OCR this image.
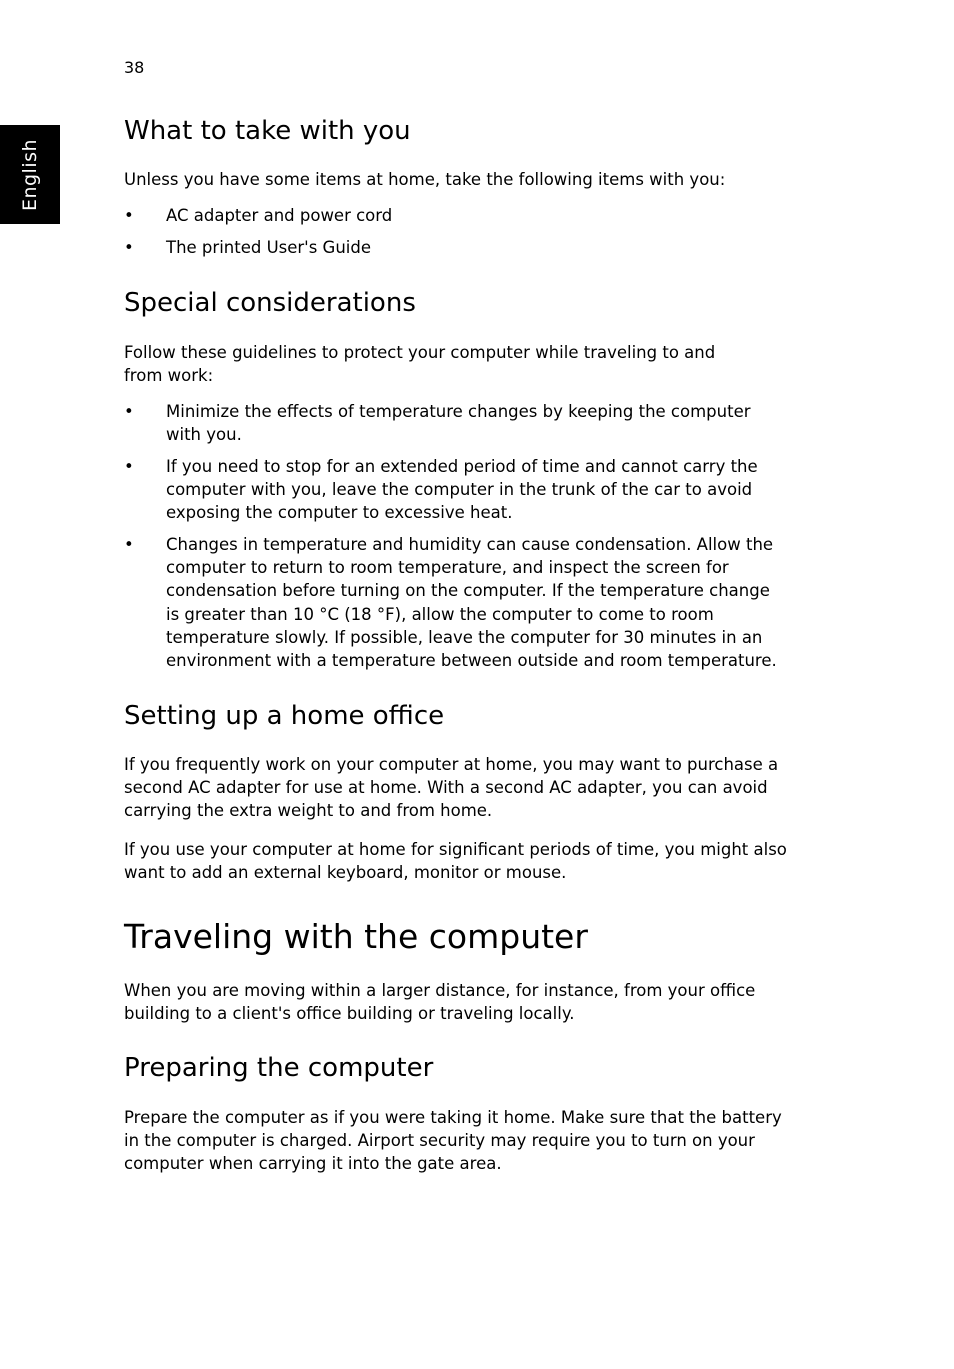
38
English
What to take with you

Unless you have some items at home, take the following items with you:

• AC adapter and power cord
• The printed User's Guide
Special considerations

Follow these guidelines to protect your computer while traveling to and

from work:

• Minimize the effects of temperature changes by keeping the computer
with you.
• If you need to stop for an extended period of time and cannot carry the
computer with you, leave the computer in the trunk of the car to avoid
exposing the computer to excessive heat.
• Changes in temperature and humidity can cause condensation. Allow the
computer to return to room temperature, and inspect the screen for
condensation before turning on the computer. If the temperature change
is greater than 10 °C (18 °F), allow the computer to come to room
temperature slowly. If possible, leave the computer for 30 minutes in an
environment with a temperature between outside and room temperature.
Setting up a home office

If you frequently work on your computer at home, you may want to purchase a

second AC adapter for use at home. With a second AC adapter, you can avoid

carrying the extra weight to and from home.

If you use your computer at home for significant periods of time, you might also

want to add an external keyboard, monitor or mouse.

Traveling with the computer

When you are moving within a larger distance, for instance, from your office

building to a client's office building or traveling locally.

Preparing the computer

Prepare the computer as if you were taking it home. Make sure that the battery

in the computer is charged. Airport security may require you to turn on your

computer when carrying it into the gate area.
